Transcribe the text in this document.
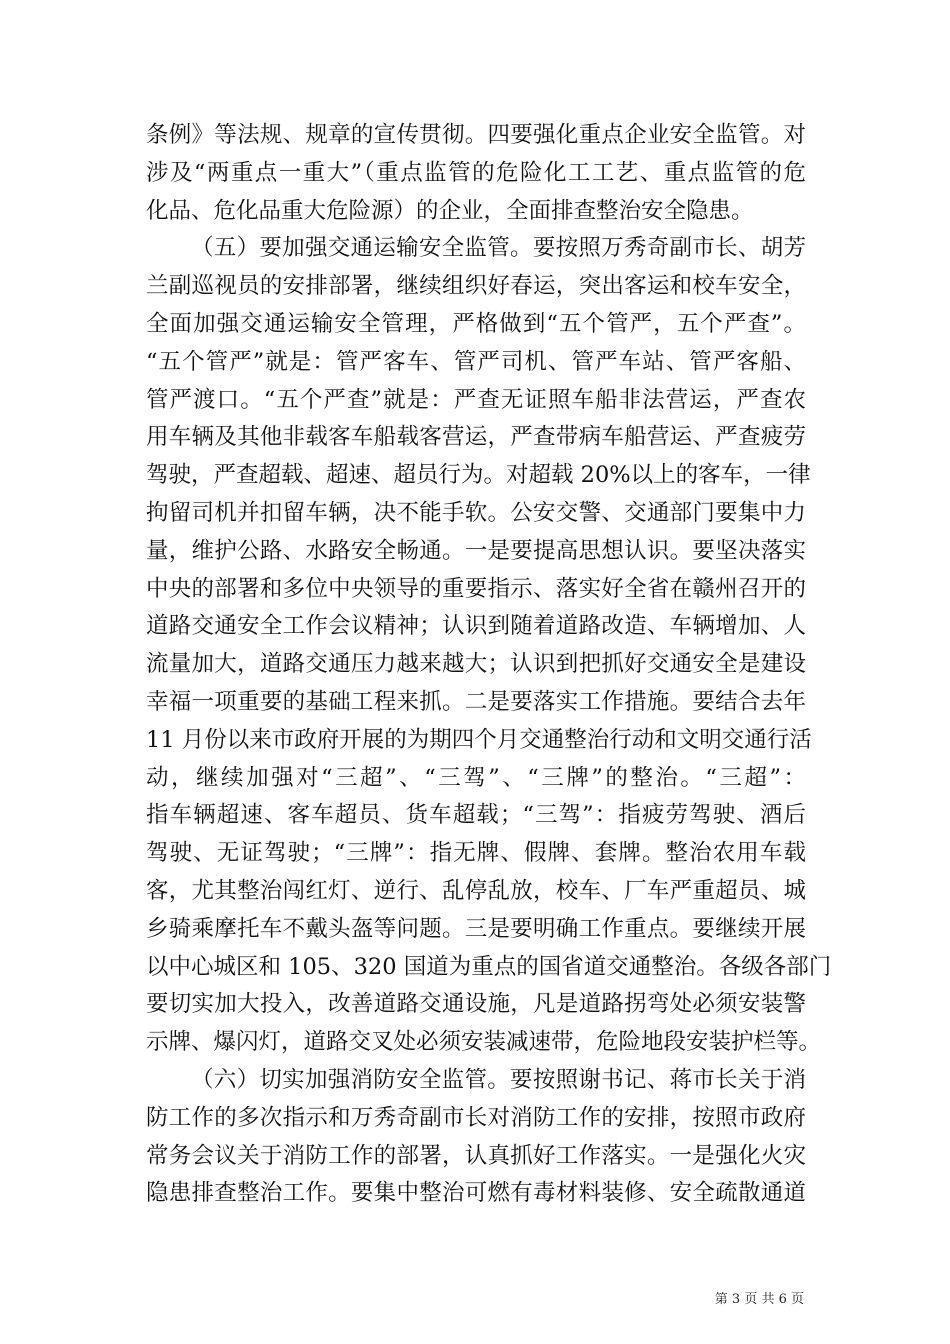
条例》等法规、规章的宣传贯彻。四要强化重点企业安全监管。对
涉及“两重点一重大”（重点监管的危险化工工艺、重点监管的危
化品、危化品重大危险源）的企业，全面排查整治安全隐患。
（五）要加强交通运输安全监管。要按照万秀奇副市长、胡芳
兰副巡视员的安排部署，继续组织好春运，突出客运和校车安全，
全面加强交通运输安全管理，严格做到“五个管严，五个严查”。
“五个管严”就是：管严客车、管严司机、管严车站、管严客船、
管严渡口。“五个严查”就是：严查无证照车船非法营运，严查农
用车辆及其他非载客车船载客营运，严查带病车船营运、严查疲劳
驾驶，严查超载、超速、超员行为。对超载 20%以上的客车，一律
拘留司机并扣留车辆，决不能手软。公安交警、交通部门要集中力
量，维护公路、水路安全畅通。一是要提高思想认识。要坚决落实
中央的部署和多位中央领导的重要指示、落实好全省在赣州召开的
道路交通安全工作会议精神；认识到随着道路改造、车辆增加、人
流量加大，道路交通压力越来越大；认识到把抓好交通安全是建设
幸福一项重要的基础工程来抓。二是要落实工作措施。要结合去年
11 月份以来市政府开展的为期四个月交通整治行动和文明交通行活
动，继续加强对“三超”、“三驾”、“三牌”的整治。“三超”：
指车辆超速、客车超员、货车超载；“三驾”：指疲劳驾驶、酒后
驾驶、无证驾驶；“三牌”：指无牌、假牌、套牌。整治农用车载
客，尤其整治闯红灯、逆行、乱停乱放，校车、厂车严重超员、城
乡骑乘摩托车不戴头盔等问题。三是要明确工作重点。要继续开展
以中心城区和 105、320 国道为重点的国省道交通整治。各级各部门
要切实加大投入，改善道路交通设施，凡是道路拐弯处必须安装警
示牌、爆闪灯，道路交叉处必须安装减速带，危险地段安装护栏等。
（六）切实加强消防安全监管。要按照谢书记、蒋市长关于消
防工作的多次指示和万秀奇副市长对消防工作的安排，按照市政府
常务会议关于消防工作的部署，认真抓好工作落实。一是强化火灾
隐患排查整治工作。要集中整治可燃有毒材料装修、安全疏散通道
第 3 页 共 6 页
